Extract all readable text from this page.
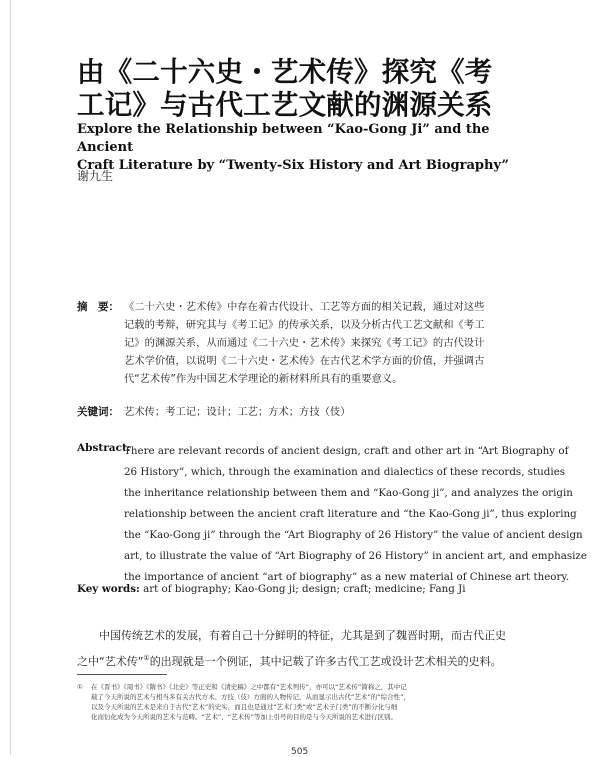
由《二十六史・艺术传》探究《考
工记》与古代工艺文献的渊源关系
Explore the Relationship between “Kao-Gong Ji” and the Ancient
Craft Literature by “Twenty-Six History and Art Biography”
谢九生
摘　要： 《二十六史・艺术传》中存在着古代设计、工艺等方面的相关记载，通过对这些
记载的考辩，研究其与《考工记》的传承关系，以及分析古代工艺文献和《考工
记》的渊源关系，从而通过《二十六史・艺术传》来探究《考工记》的古代设计
艺术学价值，以说明《二十六史・艺术传》在古代艺术学方面的价值，并强调古
代“艺术传”作为中国艺术学理论的新材料所具有的重要意义。
关键词： 艺术传；考工记；设计；工艺；方术；方技（伎）
Abstract:
There are relevant records of ancient design, craft and other art in “Art Biography of
26 History”, which, through the examination and dialectics of these records, studies
the inheritance relationship between them and “Kao-Gong ji”, and analyzes the origin
relationship between the ancient craft literature and “the Kao-Gong ji”, thus exploring
the “Kao-Gong ji” through the “Art Biography of 26 History” the value of ancient design
art, to illustrate the value of “Art Biography of 26 History” in ancient art, and emphasize
the importance of ancient “art of biography” as a new material of Chinese art theory.
Key words: art of biography; Kao-Gong ji; design; craft; medicine; Fang Ji
中国传统艺术的发展，有着自己十分鲜明的特征，尤其是到了魏晋时期，而古代正史
之中“艺术传”①的出现就是一个例证，其中记载了许多古代工艺或设计艺术相关的史料。
① 在《晋书》《周书》《隋书》《北史》等正史和《清史稿》之中都有“艺术列传”，亦可以“艺术传”简称之，其中记
载了今天所说的艺术与相当多有关古代方术、方技（伎）方面的人物传记，从而显示出古代“艺术”的“综合性”，
以及今天所说的艺术是来自于古代“艺术”的史实，而且也是通过“艺术门类”或“艺术子门类”的不断分化与细
化而衍化成为今天所说的艺术与范畴。“艺术”、“艺术传”等加上引号的目的是与今天所说的艺术进行区别。
505
